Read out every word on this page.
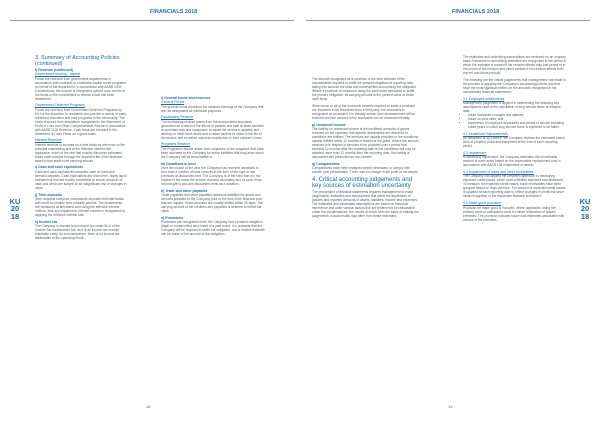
FINANCIALS 2018	FINANCIALS 2018
KU
20
18
KU
20
18
3. Summary of Accounting Policies (continued)
f) Revenue (continued)
Government funding - capital

Funds are received from government departments in accordance with contracts to undertake capital works programs on behalf of the department. In accordance with AASB 1004 Contributions, the income is recognised upfront once control of the funds or the commitment to receive funds has been transferred.

Government Deferred Programs

Funds are received from Government Deferred Programs by KU for the allocation to recipients who provide a variety of early childhood education and care programs in the community. The funds received from allocations recognised in the Statement of Profit or Loss and Other Comprehensive Income in accordance with AASB 1118 Revenue. Cash flows are included in the Statement of Cash Flows on a gross basis.

Interest Revenue

Interest revenue is accrued on a time basis by reference to the principal outstanding and at the effective interest rate applicable, which is the rate that exactly discounts estimated future cash receipts through the expected life of the financial asset to that asset's net carrying amount.

i) Cash and cash equivalents

Cash and cash equivalents comprise cash on hand and demand deposits. Cash equivalents are short-term, highly liquid investments that are readily convertible to known amounts of cash and which are subject to an insignificant risk of changes in value.

j) Term deposits

Term deposits comprise investments deposits held with banks with short to medium term maturity periods. The investments are measured at amortised cost using the effective interest method, less any impairment. Interest income is recognised by applying the effective interest rate.

k) Income tax

The Company is exempt from income tax under 50-5 of the Income Tax Assessment Act, as it is an income tax exempt charitable entity. As a consequence, there is no income tax attributable to the operating result.

l) General funds and reserves
General Funds

The general funds represent the retained earnings of the Company that are not designated for particular purposes.

Fundraising Reserve

The fundraising reserve arises from the accumulated surpluses generated as a result of the efforts of parents and staff to allow services to purchase toys and equipment, to assist the service's capacity and develop to meet local needs and to allow parents to share in the life of the service and to realise concrete contribution to their children's lives.

Programs Reserve

The Programs reserve arises from surpluses on the programs that have been allocated to the Company for future liabilities that may arise which the Company will be accountable to.

m) Donations in kind

Over the course of the year the Company has received donations in kind from a number of local councils in the form of the right to use premises at discounted rent. The Company is of the view that it is not reliable to fair value the service received accurately and as such it has not brought to account discounted rents as a donation.

n) Trade and other payables

Trade payables and other payables represent liabilities for goods and services provided to the Company prior to the end of the financial year that are unpaid. These amounts are usually settled within 30 days. The carrying amount of the creditors and payables is deemed to reflect fair value.

o) Provisions

Provisions are recognised when the Company has a present obligation (legal or constructive) as a result of a past event, it is probable that the Company will be required to settle the obligation, and a reliable estimate can be made of the amount of the obligation.

The amount recognised as a provision is the best estimate of the consideration required to settle the present obligation at reporting date, taking into account the risks and uncertainties surrounding the obligation. Where a provision is measured using the cash flows estimated to settle the present obligation, its carrying amount is the present value of those cash flows.

When some or all of the economic benefits required to settle a provision are expected to be recovered from a third party, the receivable is recognised as an asset if it is virtually certain that reimbursement will be received and the amount of the receivable can be measured reliably.

p) Unearned income

The liability for unearned income is the unutilised amounts of grants received on the condition that specific deliverables are delivered or conditions are fulfilled. The services are usually provided or the conditions usually fulfilled within 12 months of receipt of the grant. Where the amount received is in respect of services to be provided over a period that exceeds 12 months after the reporting date or the conditions will only be satisfied more than 12 months after the reporting date, the liability is discounted and presented as non-current.

q) Comparatives

Comparatives have been realigned where necessary, to comply with current year presentation. There was no change in the profit or net assets.

4. Critical accounting judgements and key sources of estimation uncertainty

The preparation of financial statements requires management to make judgements, estimates and assumptions that affect the application of policies and reported amounts of assets, liabilities, income and expenses. The estimates and associated assumptions are based on historical experience and other various factors that are believed to be reasonable under the circumstances, the results of which form the basis of making the judgements. Actual results may differ from these estimates.

The estimates and underlying assumptions are reviewed on an ongoing basis. Revisions to accounting estimates are recognised in the period in which the estimate is revised if the revision affects only that period or in the period of the revision and future periods if the revision affects both current and future periods.

The following are the critical judgements that management has made in the process of applying the Company's accounting policies and that have the most significant effect on the amounts recognised in the consolidated financial statements:

4.1 Employee entitlements

Management judgement is applied in determining the following key assumptions used in the calculation of long service leave at balance date:

• future increases in wages and salaries;
• future on-cost rates; and
• experience of employee departures and period of service including future years in which long service leave is expected to be taken.
4.2 Leasehold improvements

As described at 3(c) above, the Company reviews the estimated useful lives of property, plant and equipment at the end of each reporting period.

4.3 Impairment

In assessing impairment, the Company estimates the recoverable amount of each asset based on the depreciable replacement cost in accordance with AASB 136 Impairment of assets.

4.4 Impairment of trade and other receivables

The Company has applied the simplified approach to measuring expected credit losses, which uses a lifetime expected loss allowance. To measure the expected credit losses, trade receivables have been grouped based on days overdue. The amount of expected credit losses is updated at each reporting date to reflect changes in credit risk since initial recognition of the respective financial instrument.

4.5 Make good provision

Provision for make good is included, where applicable, using the present value of anticipated costs for future restoration of leased premises. The provision includes future cost estimates associated with closure of the premises.

18	19
